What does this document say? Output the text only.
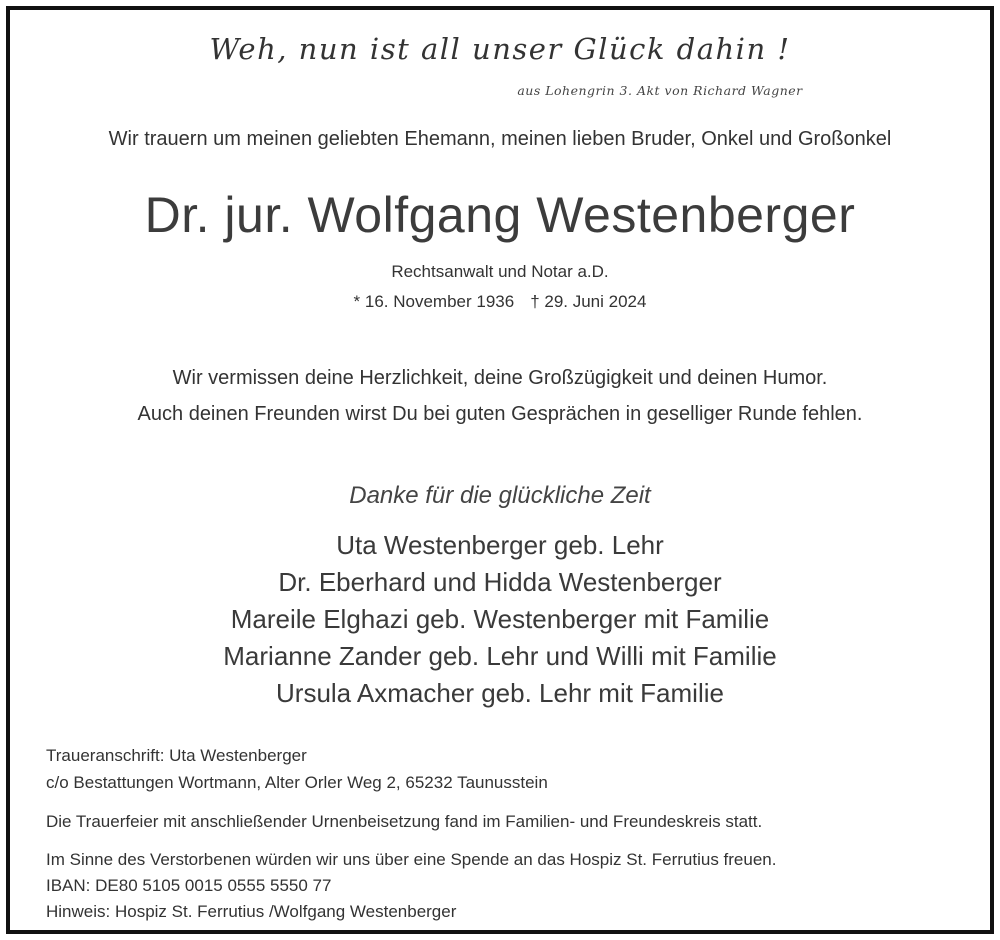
Weh, nun ist all unser Glück dahin !
aus Lohengrin 3. Akt von Richard Wagner
Wir trauern um meinen geliebten Ehemann, meinen lieben Bruder, Onkel und Großonkel
Dr. jur. Wolfgang Westenberger
Rechtsanwalt und Notar a.D.
* 16. November 1936 † 29. Juni 2024
Wir vermissen deine Herzlichkeit, deine Großzügigkeit und deinen Humor.
Auch deinen Freunden wirst Du bei guten Gesprächen in geselliger Runde fehlen.
Danke für die glückliche Zeit
Uta Westenberger geb. Lehr
Dr. Eberhard und Hidda Westenberger
Mareile Elghazi geb. Westenberger mit Familie
Marianne Zander geb. Lehr und Willi mit Familie
Ursula Axmacher geb. Lehr mit Familie
Traueranschrift: Uta Westenberger
c/o Bestattungen Wortmann, Alter Orler Weg 2, 65232 Taunusstein
Die Trauerfeier mit anschließender Urnenbeisetzung fand im Familien- und Freundeskreis statt.
Im Sinne des Verstorbenen würden wir uns über eine Spende an das Hospiz St. Ferrutius freuen.
IBAN: DE80 5105 0015 0555 5550 77
Hinweis: Hospiz St. Ferrutius /Wolfgang Westenberger
